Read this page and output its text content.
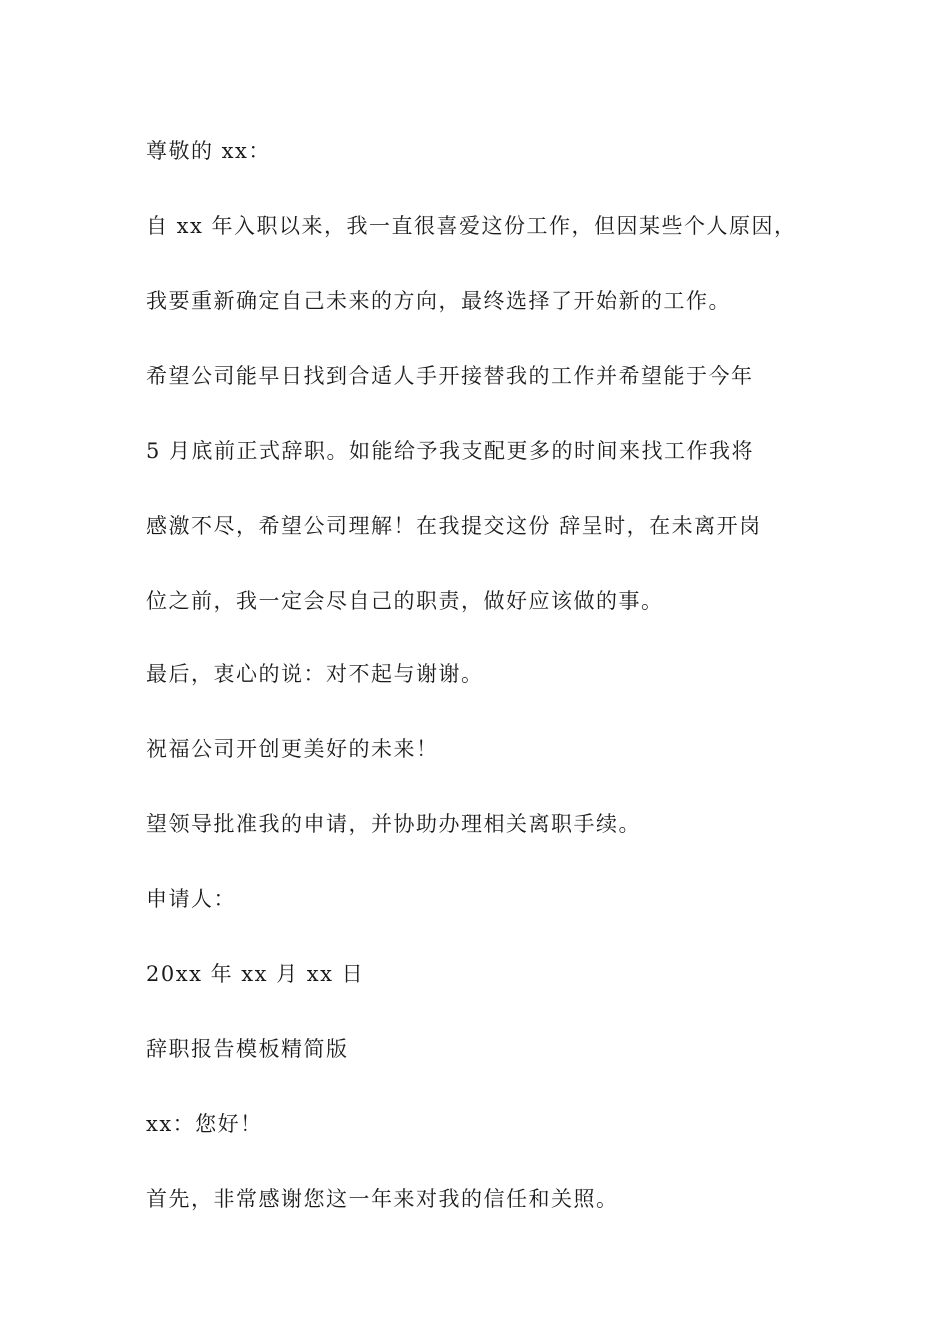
尊敬的 xx：
自 xx 年入职以来，我一直很喜爱这份工作，但因某些个人原因，
我要重新确定自己未来的方向，最终选择了开始新的工作。
希望公司能早日找到合适人手开接替我的工作并希望能于今年
5 月底前正式辞职。如能给予我支配更多的时间来找工作我将
感激不尽，希望公司理解！在我提交这份 辞呈时，在未离开岗
位之前，我一定会尽自己的职责，做好应该做的事。
最后，衷心的说：对不起与谢谢。
祝福公司开创更美好的未来！
望领导批准我的申请，并协助办理相关离职手续。
申请人：
20xx 年 xx 月 xx 日
辞职报告模板精简版
xx：您好！
首先，非常感谢您这一年来对我的信任和关照。
